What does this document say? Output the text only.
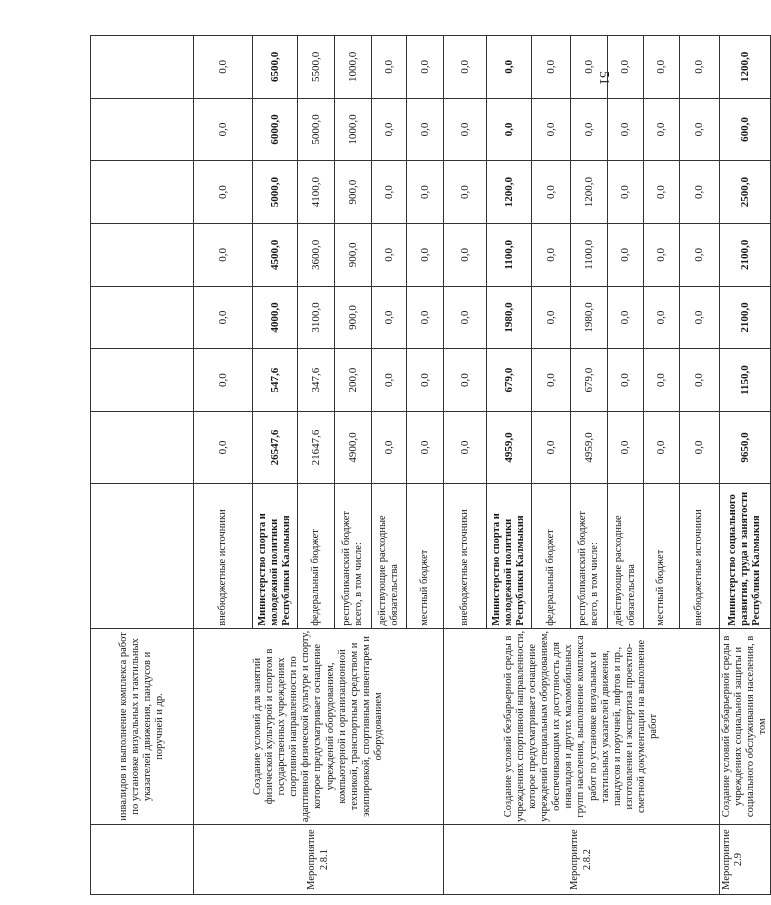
51
	инвалидов и выполнение комплекса работ по установке визуальных и тактильных указателей движения, пандусов и поручней и др.								
Мероприятие 2.8.1	Создание условий для занятий физической культурой и спортом в государственных учреждениях спортивной направленности по адаптивной физической культуре и спорту, которое предусматривает оснащение учреждений оборудованием, компьютерной и организационной техникой, транспортным средством и экипировкой, спортивным инвентарем и оборудованием	внебюджетные источники	0,0	0,0	0,0	0,0	0,0	0,0	0,0
		Министерство спорта и молодежной политики Республики Калмыкия	26547,6	547,6	4000,0	4500,0	5000,0	6000,0	6500,0
		федеральный бюджет	21647,6	347,6	3100,0	3600,0	4100,0	5000,0	5500,0
		республиканский бюджет всего, в том числе:	4900,0	200,0	900,0	900,0	900,0	1000,0	1000,0
		действующие расходные обязательства	0,0	0,0	0,0	0,0	0,0	0,0	0,0
		местный бюджет	0,0	0,0	0,0	0,0	0,0	0,0	0,0
Мероприятие 2.8.2	Создание условий безбарьерной среды в учреждениях спортивной направленности, которое предусматривает оснащение учреждений специальным оборудованием, обеспечивающим их доступность для инвалидов и других маломобильных групп населения, выполнение комплекса работ по установке визуальных и тактильных указателей движения, пандусов и поручней, лифтов и пр., изготовление и экспертиза проектно-сметной документации на выполнение работ	внебюджетные источники	0,0	0,0	0,0	0,0	0,0	0,0	0,0
		Министерство спорта и молодежной политики Республики Калмыкия	4959,0	679,0	1980,0	1100,0	1200,0	0,0	0,0
		федеральный бюджет	0,0	0,0	0,0	0,0	0,0	0,0	0,0
		республиканский бюджет всего, в том числе:	4959,0	679,0	1980,0	1100,0	1200,0	0,0	0,0
		действующие расходные обязательства	0,0	0,0	0,0	0,0	0,0	0,0	0,0
		местный бюджет	0,0	0,0	0,0	0,0	0,0	0,0	0,0
		внебюджетные источники	0,0	0,0	0,0	0,0	0,0	0,0	0,0
Мероприятие 2.9	Создание условий безбарьерной среды в учреждениях социальной защиты и социального обслуживания населения, в том	Министерство социального развития, труда и занятости Республики Калмыкия	9650,0	1150,0	2100,0	2100,0	2500,0	600,0	1200,0
